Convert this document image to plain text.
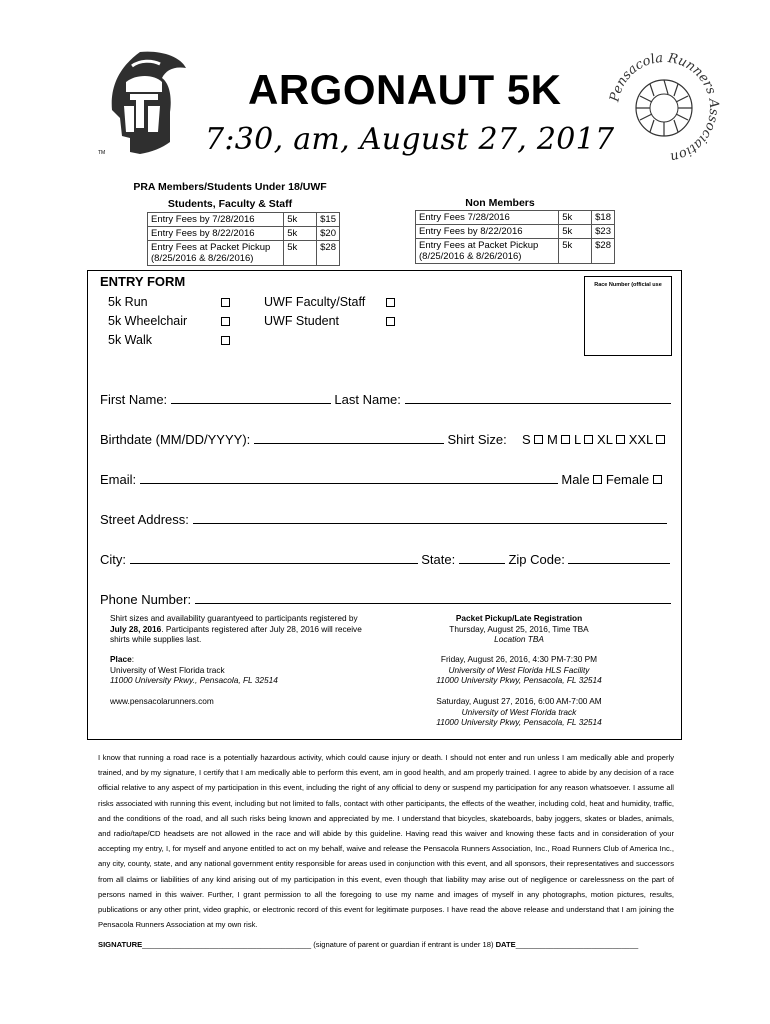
TM
ARGONAUT 5K
7:30, am, August 27, 2017
Pensacola Runners Association
PRA Members/Students Under 18/UWF
Students, Faculty & Staff
Entry Fees by 7/28/2016	5k	$15
Entry Fees by 8/22/2016	5k	$20
Entry Fees at Packet Pickup
(8/25/2016 & 8/26/2016)	5k	$28
Non Members
Entry Fees 7/28/2016	5k	$18
Entry Fees by 8/22/2016	5k	$23
Entry Fees at Packet Pickup
(8/25/2016 & 8/26/2016)	5k	$28
ENTRY FORM
5k Run
5k Wheelchair
5k Walk
UWF Faculty/Staff
UWF Student
Race Number (official use
First Name:	Last Name:
Birthdate (MM/DD/YYYY):	Shirt Size: S M L XL XXL
Email:	Male Female
Street Address:
City:	State:	Zip Code:
Phone Number:
Shirt sizes and availability guarantyeed to participants registered by
July 28, 2016. Participants registered after July 28, 2016 will receive
shirts while supplies last.
Place:
University of West Florida track
11000 University Pkwy., Pensacola, FL 32514
www.pensacolarunners.com
Packet Pickup/Late Registration
Thursday, August 25, 2016, Time TBA
Location TBA
Friday, August 26, 2016, 4:30 PM-7:30 PM
University of West Florida HLS Facility
11000 University Pkwy, Pensacola, FL 32514
Saturday, August 27, 2016, 6:00 AM-7:00 AM
University of West Florida track
11000 University Pkwy, Pensacola, FL 32514
I know that running a road race is a potentially hazardous activity, which could cause injury or death. I should not enter and run unless I am medically able and properly trained, and by my signature, I certify that I am medically able to perform this event, am in good health, and am properly trained. I agree to abide by any decision of a race official relative to any aspect of my participation in this event, including the right of any official to deny or suspend my participation for any reason whatsoever. I assume all risks associated with running this event, including but not limited to falls, contact with other participants, the effects of the weather, including cold, heat and humidity, traffic, and the conditions of the road, and all such risks being known and appreciated by me. I understand that bicycles, skateboards, baby joggers, skates or blades, animals, and radio/tape/CD headsets are not allowed in the race and will abide by this guideline. Having read this waiver and knowing these facts and in consideration of your accepting my entry, I, for myself and anyone entitled to act on my behalf, waive and release the Pensacola Runners Association, Inc., Road Runners Club of America Inc., any city, county, state, and any national government entity responsible for areas used in conjunction with this event, and all sponsors, their representatives and successors from all claims or liabilities of any kind arising out of my participation in this event, even though that liability may arise out of negligence or carelessness on the part of persons named in this waiver. Further, I grant permission to all the foregoing to use my name and images of myself in any photographs, motion pictures, results, publications or any other print, video graphic, or electronic record of this event for legitimate purposes. I have read the above release and understand that I am joining the Pensacola Runners Association at my own risk.
SIGNATURE________________________________________ (signature of parent or guardian if entrant is under 18) DATE_____________________________
